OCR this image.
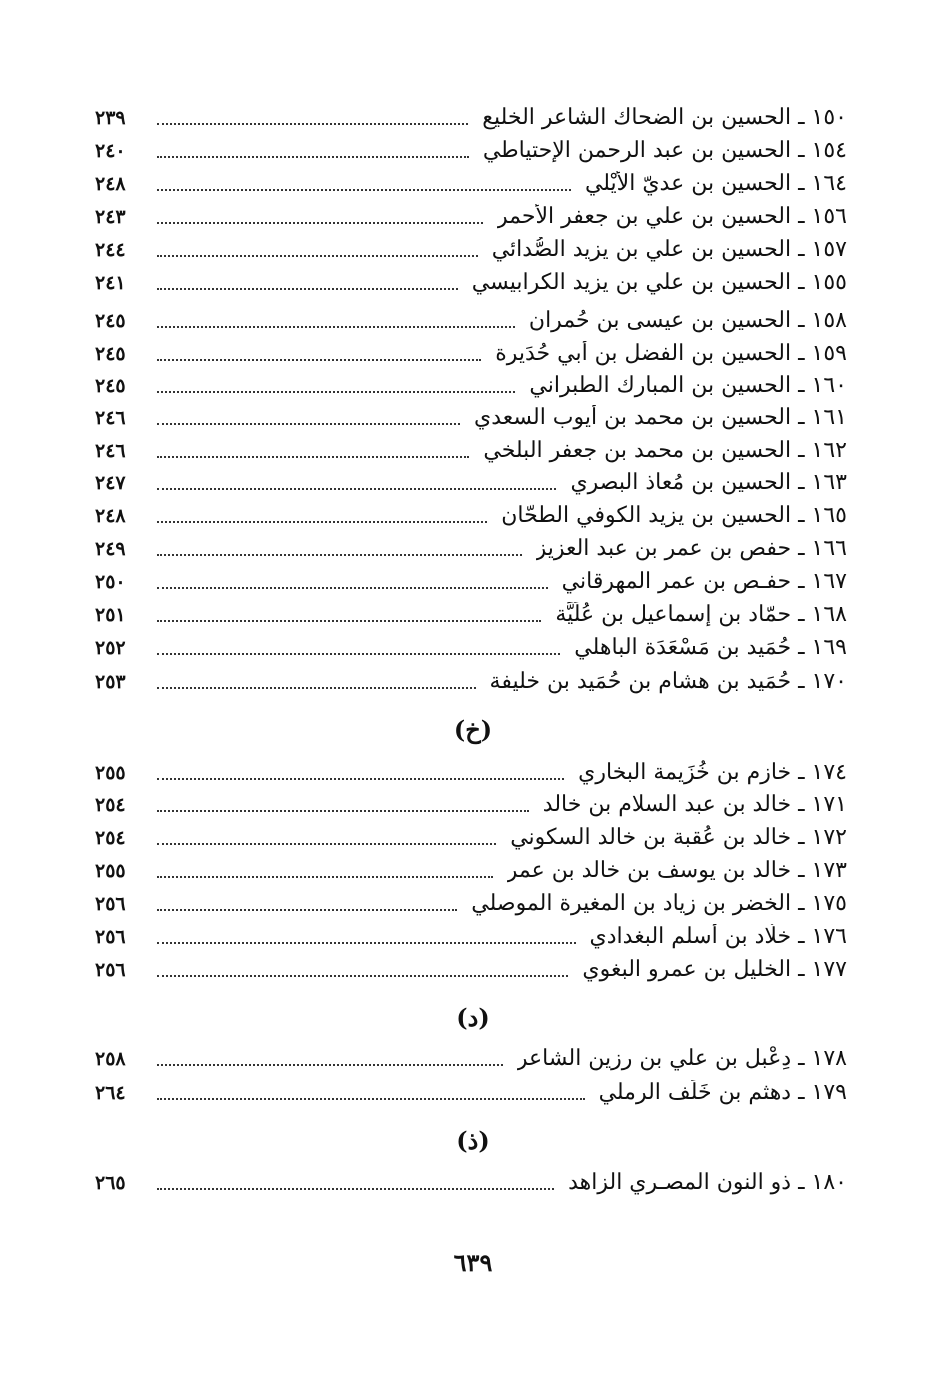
٢٣٩	١٥٠ ـ الحسين بن الضحاك الشاعر الخليع
٢٤٠	١٥٤ ـ الحسين بن عبد الرحمن الإحتياطي
٢٤٨	١٦٤ ـ الحسين بن عديّ الأَيْلي
٢٤٣	١٥٦ ـ الحسين بن علي بن جعفر الأحمر
٢٤٤	١٥٧ ـ الحسين بن علي بن يزيد الصُّدائي
٢٤١	١٥٥ ـ الحسين بن علي بن يزيد الكرابيسي
٢٤٥	١٥٨ ـ الحسين بن عيسى بن حُمران
٢٤٥	١٥٩ ـ الحسين بن الفضل بن أبي حُدَيرة
٢٤٥	١٦٠ ـ الحسين بن المبارك الطبراني
٢٤٦	١٦١ ـ الحسين بن محمد بن أيوب السعدي
٢٤٦	١٦٢ ـ الحسين بن محمد بن جعفر البلخي
٢٤٧	١٦٣ ـ الحسين بن مُعاذ البصري
٢٤٨	١٦٥ ـ الحسين بن يزيد الكوفي الطحّان
٢٤٩	١٦٦ ـ حفص بن عمر بن عبد العزيز
٢٥٠	١٦٧ ـ حفـص بن عمر المهرقاني
٢٥١	١٦٨ ـ حمّاد بن إسماعيل بن عُلَيَّة
٢٥٢	١٦٩ ـ حُمَيد بن مَسْعَدَة الباهلي
٢٥٣	١٧٠ ـ حُمَيد بن هشام بن حُمَيد بن خليفة
(خ)
٢٥٥	١٧٤ ـ خازم بن خُزَيمة البخاري
٢٥٤	١٧١ ـ خالد بن عبد السلام بن خالد
٢٥٤	١٧٢ ـ خالد بن عُقبة بن خالد السكوني
٢٥٥	١٧٣ ـ خالد بن يوسف بن خالد بن عمر
٢٥٦	١٧٥ ـ الخضر بن زياد بن المغيرة الموصلي
٢٥٦	١٧٦ ـ خلّاد بن أسلم البغدادي
٢٥٦	١٧٧ ـ الخليل بن عمرو البغوي
(د)
٢٥٨	١٧٨ ـ دِعْبل بن علي بن رزين الشاعر
٢٦٤	١٧٩ ـ دهثم بن خَلَف الرملي
(ذ)
٢٦٥	١٨٠ ـ ذو النون المصـري الزاهد
٦٣٩
